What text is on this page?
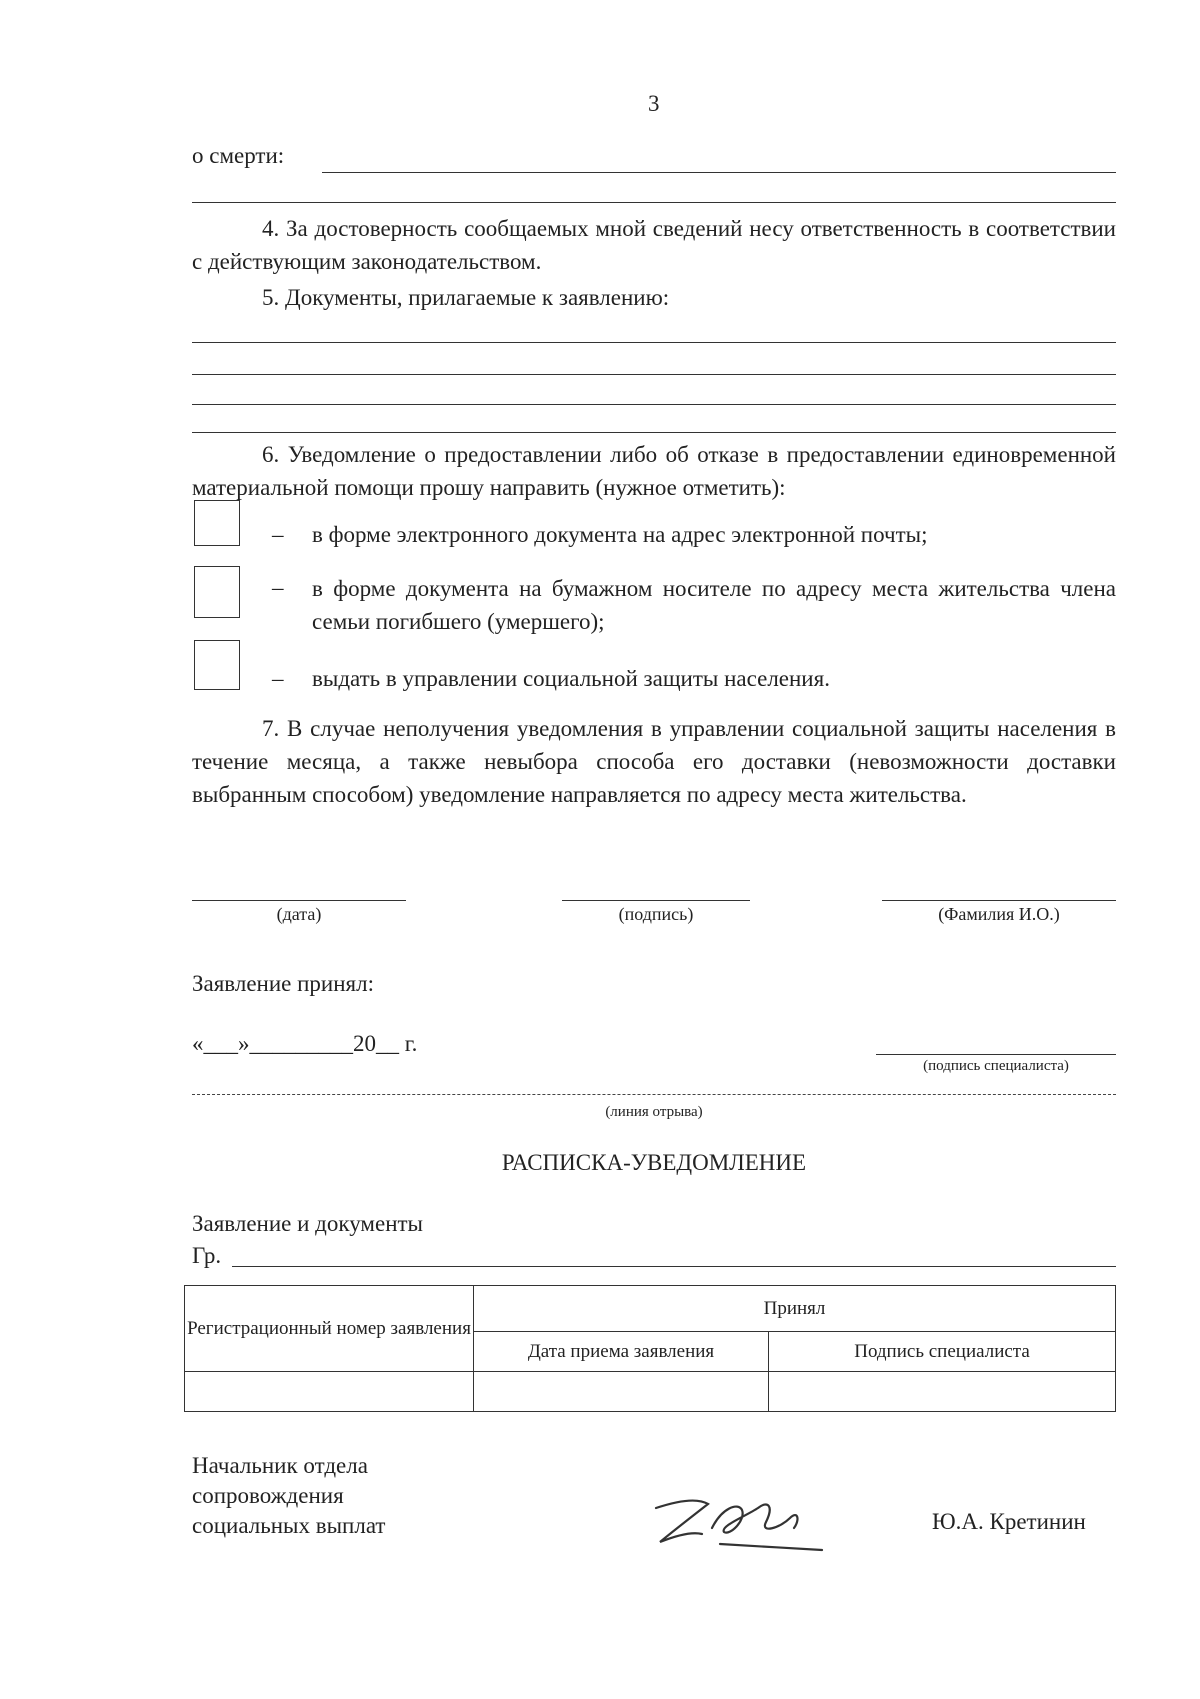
3
о смерти:
4. За достоверность сообщаемых мной сведений несу ответственность в соответствии с действующим законодательством.
5. Документы, прилагаемые к заявлению:
6. Уведомление о предоставлении либо об отказе в предоставлении единовременной материальной помощи прошу направить (нужное отметить):
– в форме электронного документа на адрес электронной почты;
– в форме документа на бумажном носителе по адресу места жительства члена семьи погибшего (умершего);
– выдать в управлении социальной защиты населения.
7. В случае неполучения уведомления в управлении социальной защиты населения в течение месяца, а также невыбора способа его доставки (невозможности доставки выбранным способом) уведомление направляется по адресу места жительства.
(дата)	(подпись)	(Фамилия И.О.)
Заявление принял:
«___»_________20__ г.
(подпись специалиста)
(линия отрыва)
РАСПИСКА-УВЕДОМЛЕНИЕ
Заявление и документы
Гр.
Регистрационный номер заявления	Принял	
	Дата приема заявления	Подпись специалиста

Начальник отдела
сопровождения
социальных выплат	Ю.А. Кретинин
